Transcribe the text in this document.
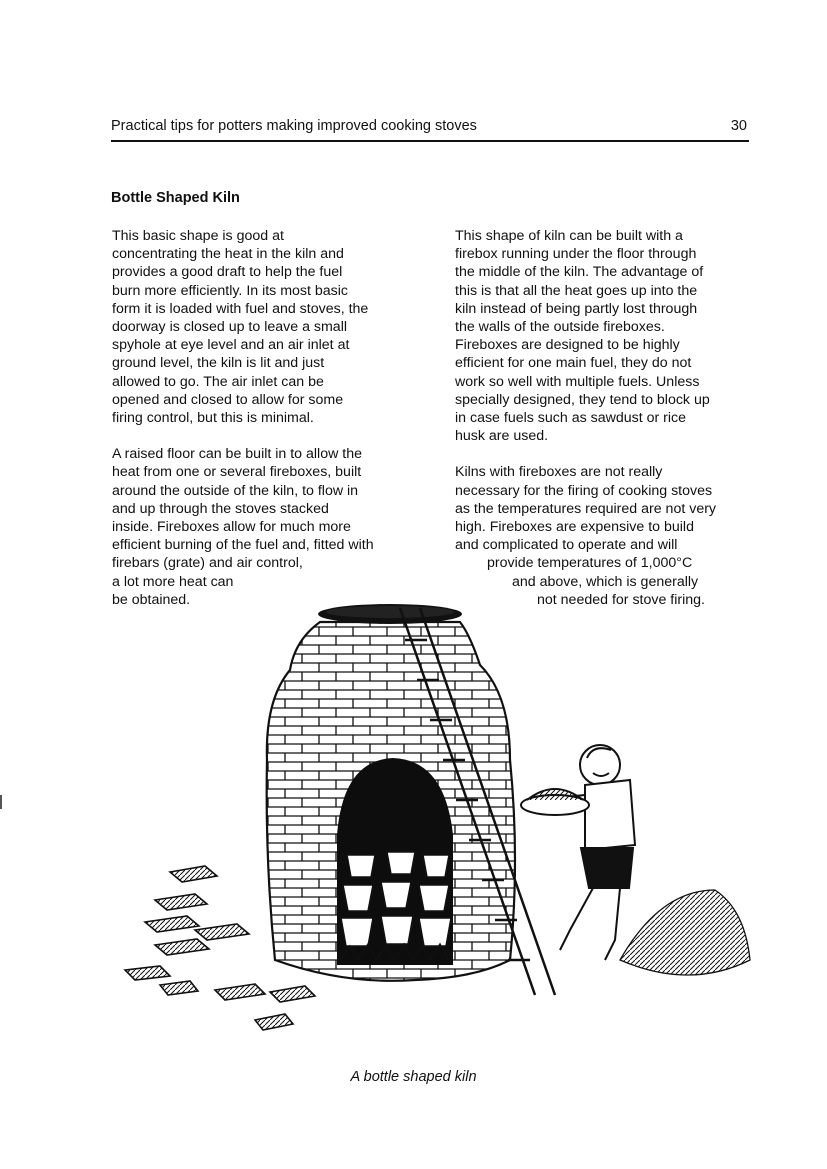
Practical tips for potters making improved cooking stoves	30
Bottle Shaped Kiln

This basic shape is good at
concentrating the heat in the kiln and
provides a good draft to help the fuel
burn more efficiently. In its most basic
form it is loaded with fuel and stoves, the
doorway is closed up to leave a small
spyhole at eye level and an air inlet at
ground level, the kiln is lit and just
allowed to go. The air inlet can be
opened and closed to allow for some
firing control, but this is minimal.

A raised floor can be built in to allow the
heat from one or several fireboxes, built
around the outside of the kiln, to flow in
and up through the stoves stacked
inside. Fireboxes allow for much more
efficient burning of the fuel and, fitted with
firebars (grate) and air control,
a lot more heat can
be obtained.

This shape of kiln can be built with a
firebox running under the floor through
the middle of the kiln. The advantage of
this is that all the heat goes up into the
kiln instead of being partly lost through
the walls of the outside fireboxes.
Fireboxes are designed to be highly
efficient for one main fuel, they do not
work so well with multiple fuels. Unless
specially designed, they tend to block up
in case fuels such as sawdust or rice
husk are used.

Kilns with fireboxes are not really
necessary for the firing of cooking stoves
as the temperatures required are not very
high. Fireboxes are expensive to build
and complicated to operate and will
provide temperatures of 1,000°C
and above, which is generally
not needed for stove firing.

A bottle shaped kiln
